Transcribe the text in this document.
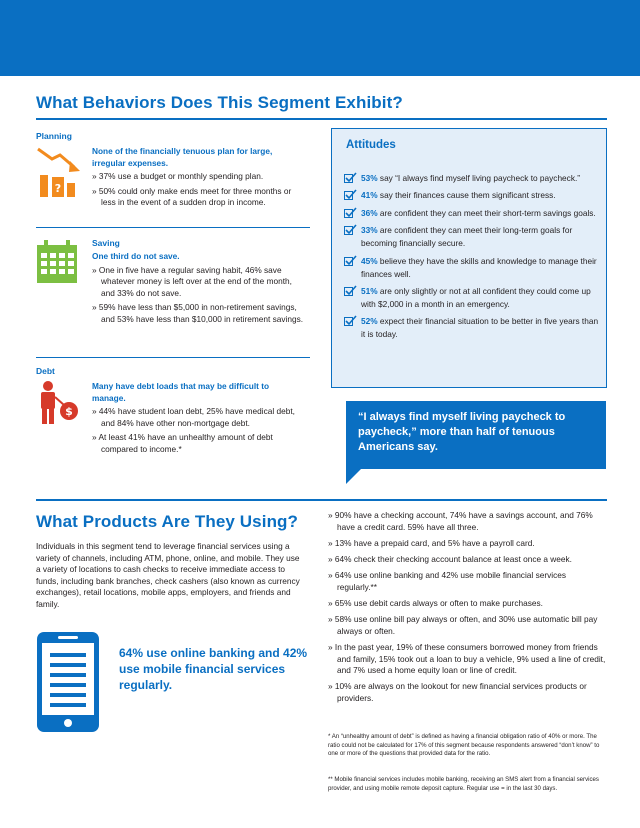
What Behaviors Does This Segment Exhibit?
Planning
?
None of the financially tenuous plan for large, irregular expenses.
» 37% use a budget or monthly spending plan.
» 50% could only make ends meet for three months or less in the event of a sudden drop in income.
Saving
One third do not save.
» One in five have a regular saving habit, 46% save whatever money is left over at the end of the month, and 33% do not save.
» 59% have less than $5,000 in non-retirement savings, and 53% have less than $10,000 in retirement savings.
Debt
$
Many have debt loads that may be difficult to manage.
» 44% have student loan debt, 25% have medical debt, and 84% have other non-mortgage debt.
» At least 41% have an unhealthy amount of debt compared to income.*
Attitudes
53% say “I always find myself living paycheck to paycheck.”
41% say their finances cause them significant stress.
36% are confident they can meet their short-term savings goals.
33% are confident they can meet their long-term goals for becoming financially secure.
45% believe they have the skills and knowledge to manage their finances well.
51% are only slightly or not at all confident they could come up with $2,000 in a month in an emergency.
52% expect their financial situation to be better in five years than it is today.
“I always find myself living paycheck to paycheck,” more than half of tenuous Americans say.
What Products Are They Using?
Individuals in this segment tend to leverage financial services using a variety of channels, including ATM, phone, online, and mobile. They use a variety of locations to cash checks to receive immediate access to funds, including bank branches, check cashers (also known as currency exchanges), retail locations, mobile apps, employers, and friends and family.
64% use online banking and 42% use mobile financial services regularly.
» 90% have a checking account, 74% have a savings account, and 76% have a credit card. 59% have all three.
» 13% have a prepaid card, and 5% have a payroll card.
» 64% check their checking account balance at least once a week.
» 64% use online banking and 42% use mobile financial services regularly.**
» 65% use debit cards always or often to make purchases.
» 58% use online bill pay always or often, and 30% use automatic bill pay always or often.
» In the past year, 19% of these consumers borrowed money from friends and family, 15% took out a loan to buy a vehicle, 9% used a line of credit, and 7% used a home equity loan or line of credit.
» 10% are always on the lookout for new financial services products or providers.
* An “unhealthy amount of debt” is defined as having a financial obligation ratio of 40% or more. The ratio could not be calculated for 17% of this segment because respondents answered “don’t know” to one or more of the questions that provided data for the ratio.
** Mobile financial services includes mobile banking, receiving an SMS alert from a financial services provider, and using mobile remote deposit capture. Regular use = in the last 30 days.
